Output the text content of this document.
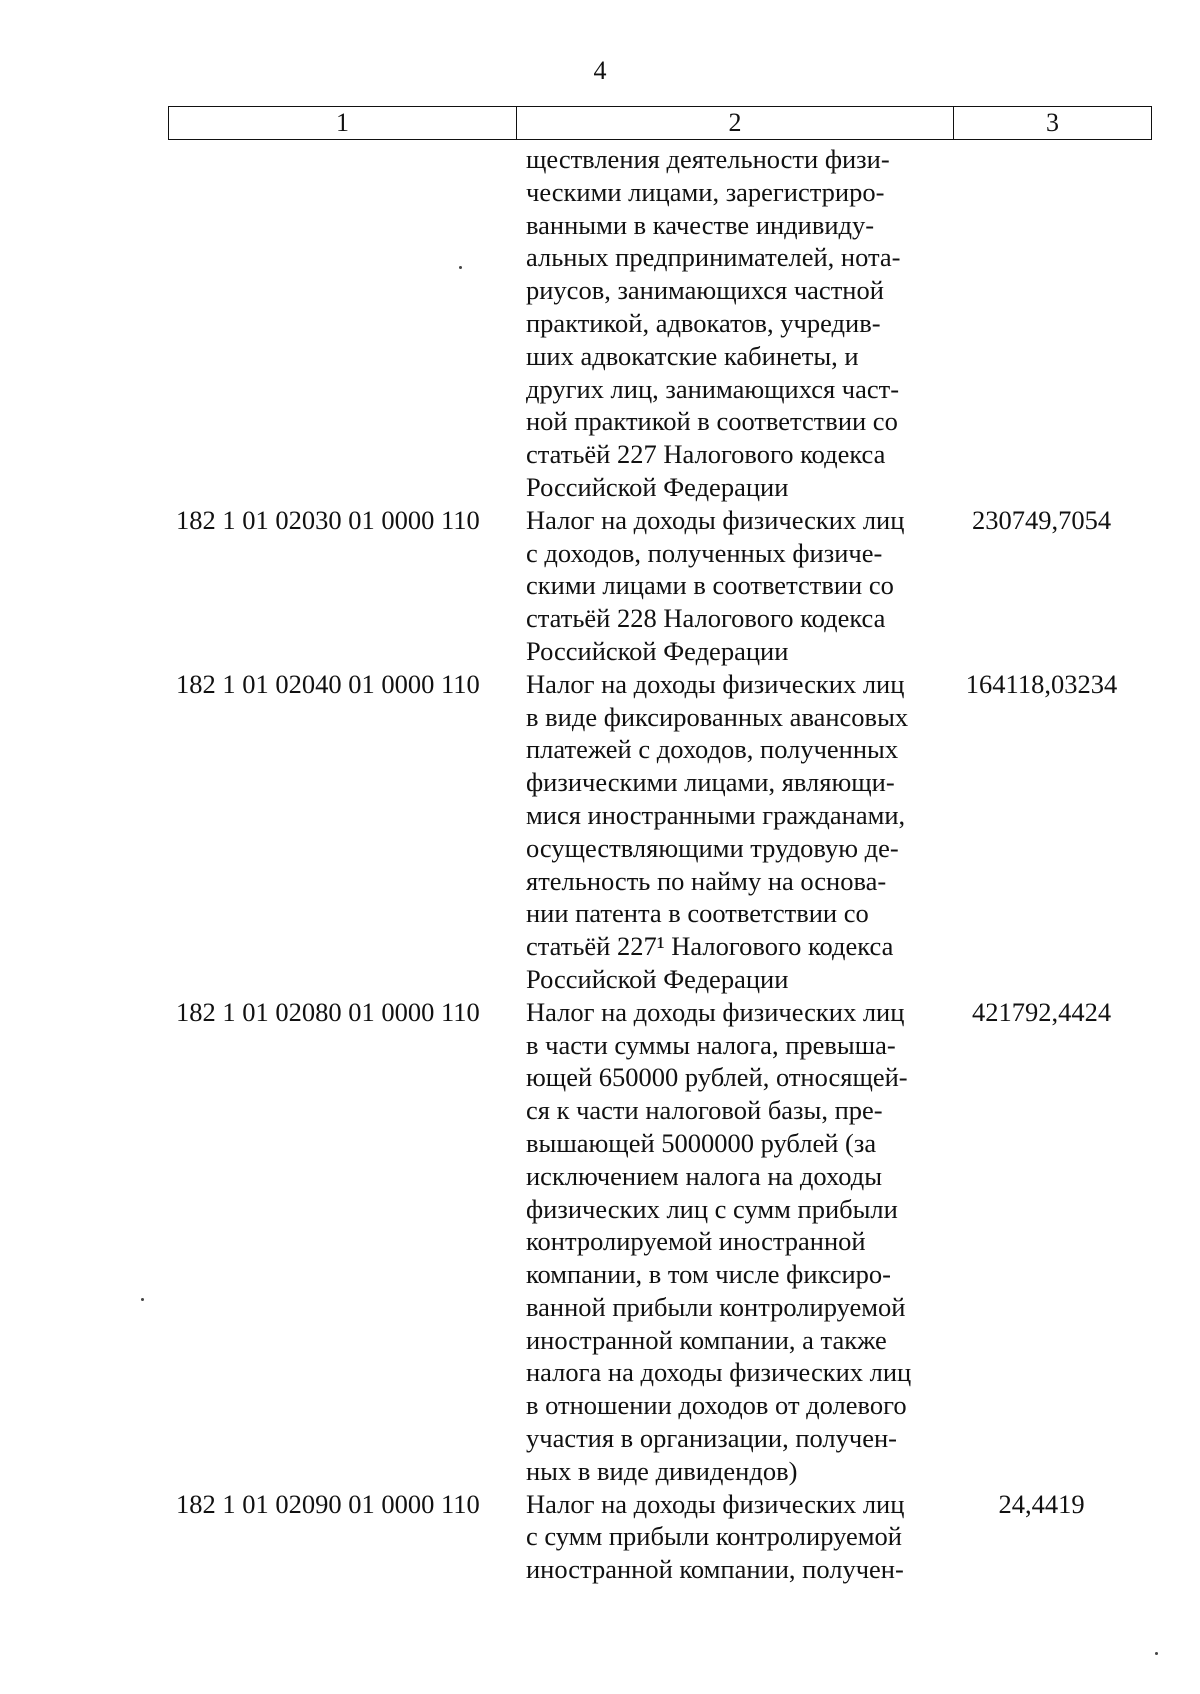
4
1	2	3
ществления деятельности физи-
ческими лицами, зарегистриро-
ванными в качестве индивиду-
альных предпринимателей, нота-
риусов, занимающихся частной
практикой, адвокатов, учредив-
ших адвокатские кабинеты, и
других лиц, занимающихся част-
ной практикой в соответствии со
статьёй 227 Налогового кодекса
Российской Федерации
182 1 01 02030 01 0000 110	Налог на доходы физических лиц
с доходов, полученных физиче-
скими лицами в соответствии со
статьёй 228 Налогового кодекса
Российской Федерации
230749,7054
182 1 01 02040 01 0000 110	Налог на доходы физических лиц
в виде фиксированных авансовых
платежей с доходов, полученных
физическими лицами, являющи-
мися иностранными гражданами,
осуществляющими трудовую де-
ятельность по найму на основа-
нии патента в соответствии со
статьёй 227¹ Налогового кодекса
Российской Федерации
164118,03234
182 1 01 02080 01 0000 110	Налог на доходы физических лиц
в части суммы налога, превыша-
ющей 650000 рублей, относящей-
ся к части налоговой базы, пре-
вышающей 5000000 рублей (за
исключением налога на доходы
физических лиц с сумм прибыли
контролируемой иностранной
компании, в том числе фиксиро-
ванной прибыли контролируемой
иностранной компании, а также
налога на доходы физических лиц
в отношении доходов от долевого
участия в организации, получен-
ных в виде дивидендов)
421792,4424
182 1 01 02090 01 0000 110	Налог на доходы физических лиц
с сумм прибыли контролируемой
иностранной компании, получен-
24,4419
